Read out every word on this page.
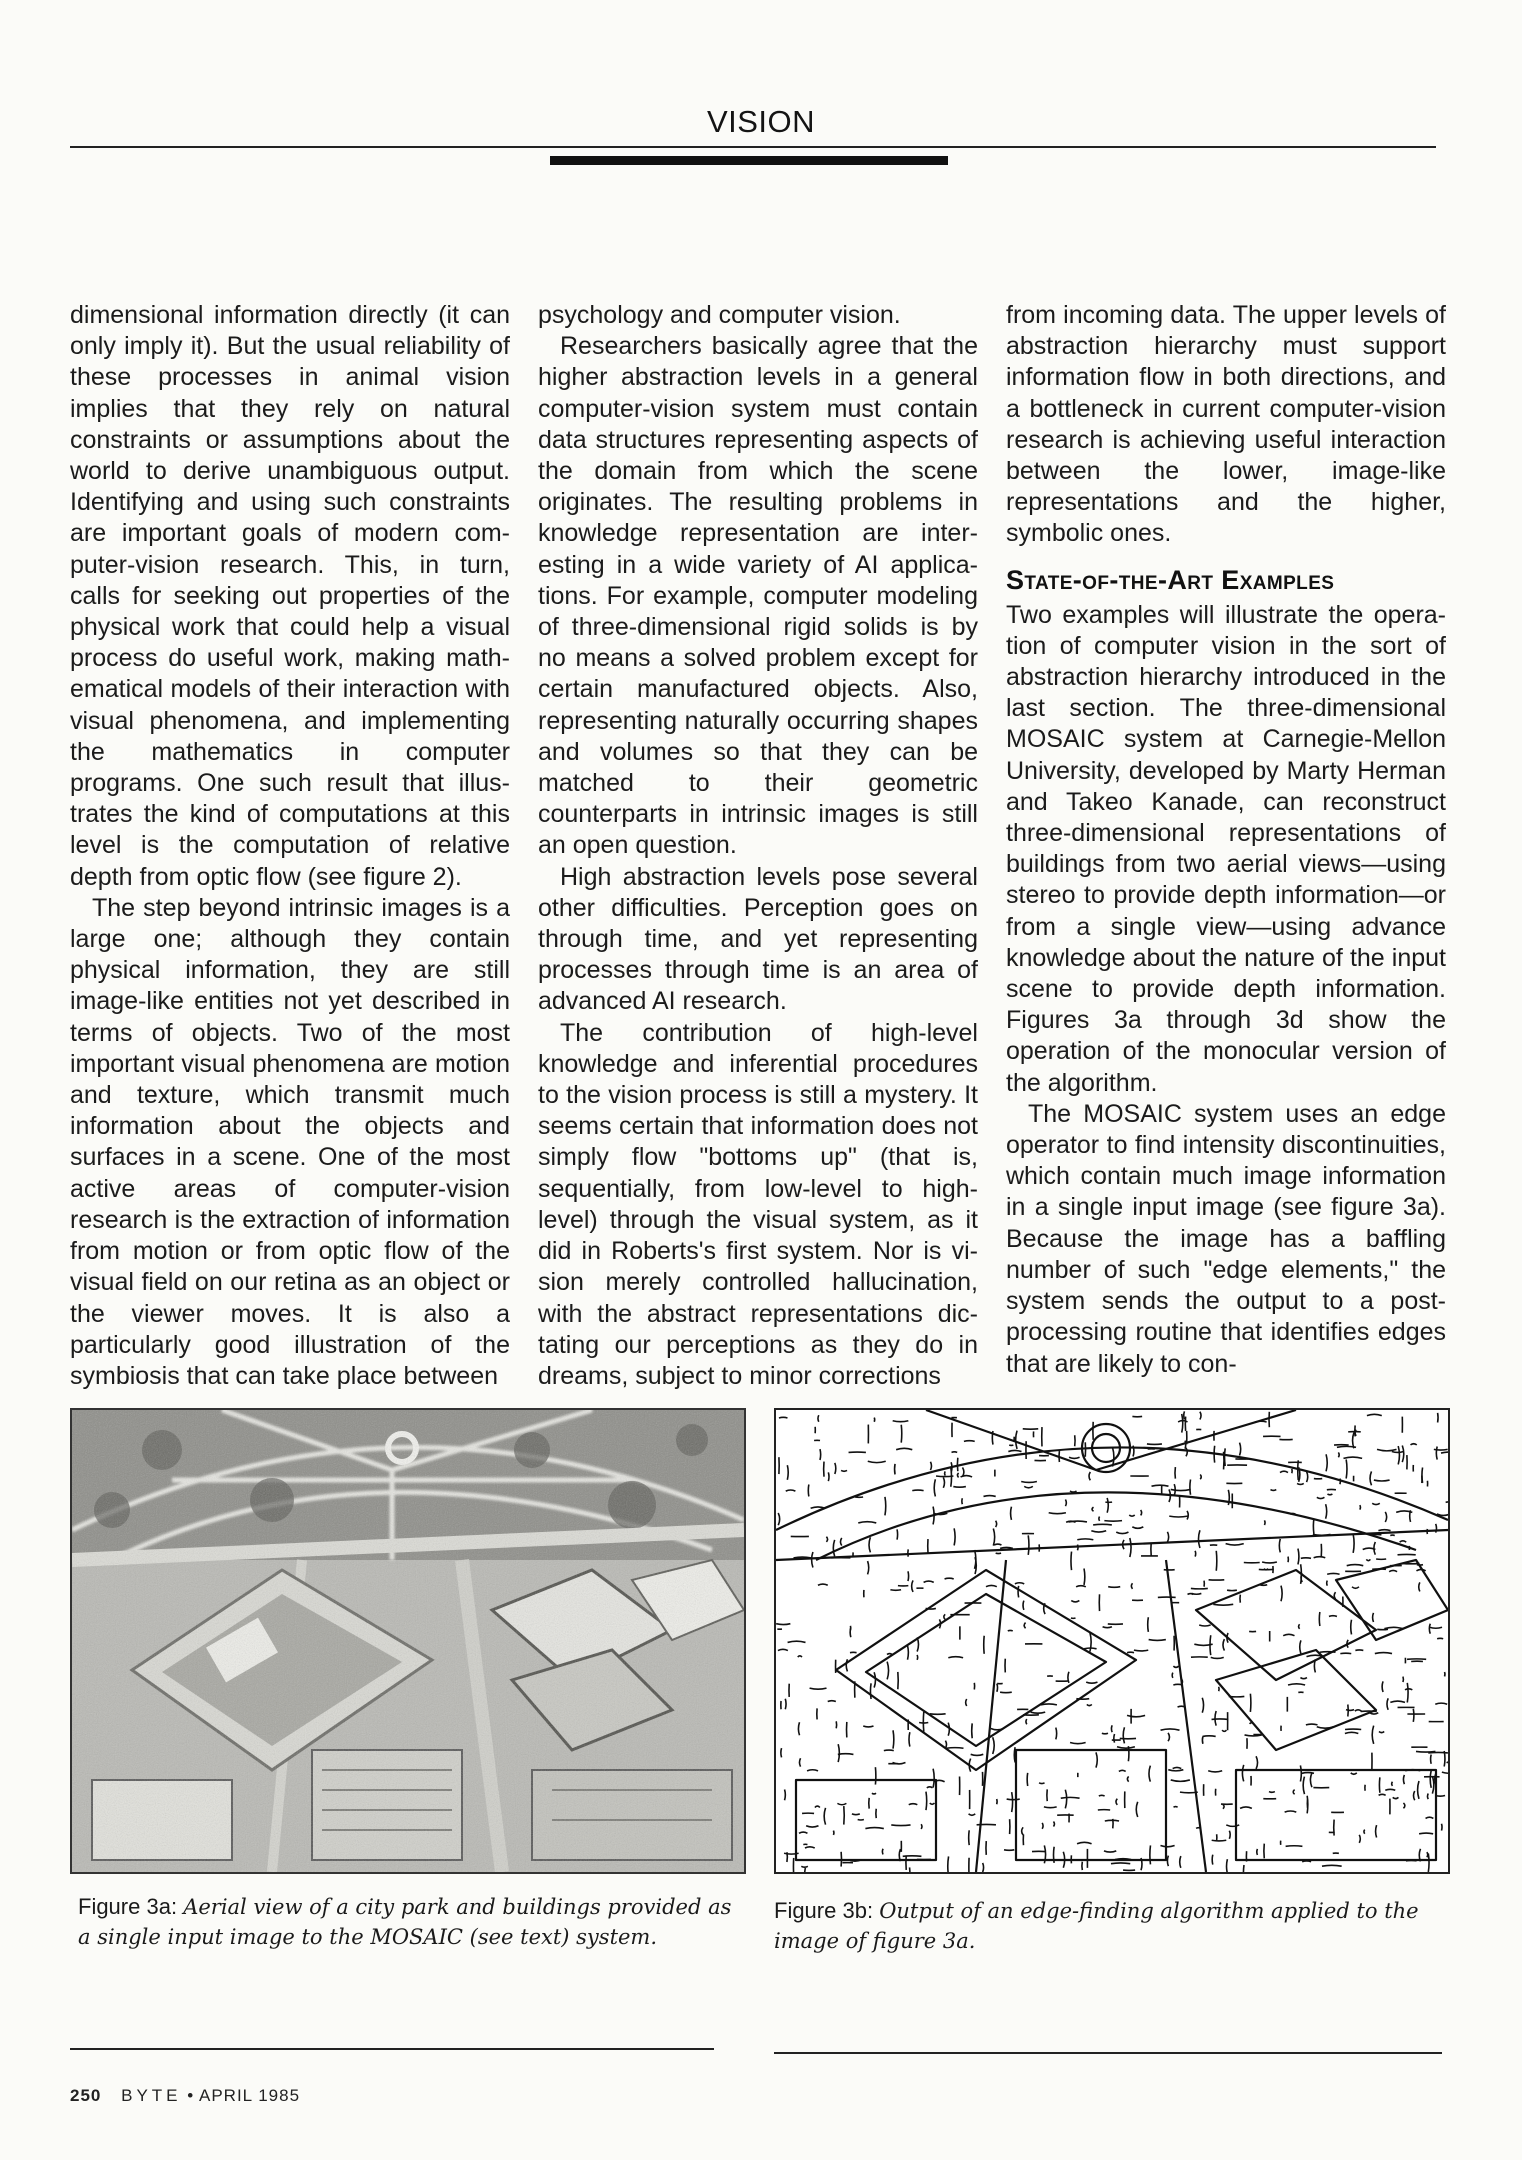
VISION

dimensional information directly (it can only imply it). But the usual reliability of these processes in animal vision implies that they rely on natural constraints or assumptions about the world to derive unambiguous output. Identifying and using such constraints are important goals of modern computer-vision research. This, in turn, calls for seeking out properties of the physical work that could help a visual process do useful work, making mathematical models of their interaction with visual phenomena, and implementing the mathematics in computer programs. One such result that illustrates the kind of computations at this level is the computation of relative depth from optic flow (see figure 2).

The step beyond intrinsic images is a large one; although they contain physical information, they are still image-like entities not yet described in terms of objects. Two of the most important visual phenomena are motion and texture, which transmit much information about the objects and surfaces in a scene. One of the most active areas of computer-vision research is the extraction of information from motion or from optic flow of the visual field on our retina as an object or the viewer moves. It is also a particularly good illustration of the symbiosis that can take place between

psychology and computer vision.

Researchers basically agree that the higher abstraction levels in a general computer-vision system must contain data structures representing aspects of the domain from which the scene originates. The resulting problems in knowledge representation are interesting in a wide variety of AI applications. For example, computer modeling of three-dimensional rigid solids is by no means a solved problem except for certain manufactured objects. Also, representing naturally occurring shapes and volumes so that they can be matched to their geometric counterparts in intrinsic images is still an open question.

High abstraction levels pose several other difficulties. Perception goes on through time, and yet representing processes through time is an area of advanced AI research.

The contribution of high-level knowledge and inferential procedures to the vision process is still a mystery. It seems certain that information does not simply flow "bottoms up" (that is, sequentially, from low-level to high-level) through the visual system, as it did in Roberts's first system. Nor is vision merely controlled hallucination, with the abstract representations dictating our perceptions as they do in dreams, subject to minor corrections

from incoming data. The upper levels of abstraction hierarchy must support information flow in both directions, and a bottleneck in current computer-vision research is achieving useful interaction between the lower, image-like representations and the higher, symbolic ones.

State-of-the-Art Examples

Two examples will illustrate the operation of computer vision in the sort of abstraction hierarchy introduced in the last section. The three-dimensional MOSAIC system at Carnegie-Mellon University, developed by Marty Herman and Takeo Kanade, can reconstruct three-dimensional representations of buildings from two aerial views—using stereo to provide depth information—or from a single view—using advance knowledge about the nature of the input scene to provide depth information. Figures 3a through 3d show the operation of the monocular version of the algorithm.

The MOSAIC system uses an edge operator to find intensity discontinuities, which contain much image information in a single input image (see figure 3a). Because the image has a baffling number of such "edge elements," the system sends the output to a post-processing routine that identifies edges that are likely to con-

Figure 3a: Aerial view of a city park and buildings provided as a single input image to the MOSAIC (see text) system.
Figure 3b: Output of an edge-finding algorithm applied to the image of figure 3a.
250 BYTE • APRIL 1985
